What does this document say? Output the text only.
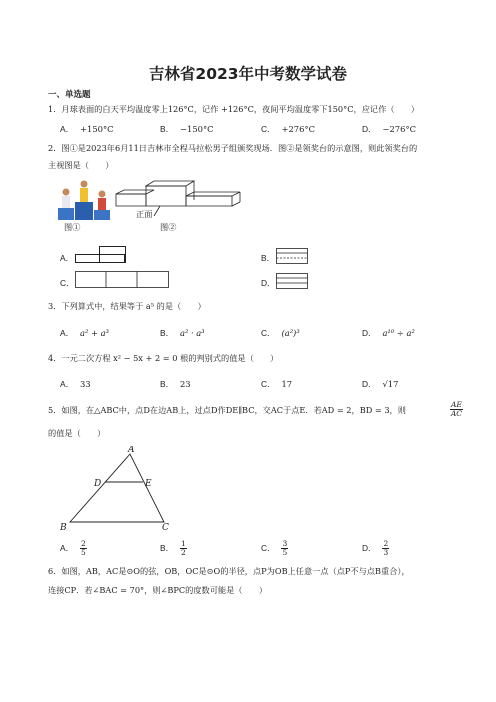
吉林省2023年中考数学试卷
一、单选题
1．月球表面的白天平均温度零上126°C，记作 +126°C，夜间平均温度零下150°C，应记作（　　）
A． +150°C	B． −150°C	C． +276°C	D． −276°C
2．图①是2023年6月11日吉林市全程马拉松男子组颁奖现场．图②是领奖台的示意图，则此领奖台的
主视图是（　　）
图①
正面
图②
A．	B．
C．	D．
3．下列算式中，结果等于 a⁵ 的是（　　）
A． a² + a³	B． a² · a³	C． (a²)³	D． a¹⁰ ÷ a²
4．一元二次方程 x² − 5x + 2 = 0 根的判别式的值是（　　）
A． 33	B． 23	C． 17	D． √17
5．如图，在△ABC中，点D在边AB上，过点D作DE∥BC，交AC于点E．若AD = 2，BD = 3，则	$\frac{AE}{AC}$
的值是（　　）
A
D	E
B	C
A． $\frac{2}{5}$	B． $\frac{1}{2}$	C． $\frac{3}{5}$	D． $\frac{2}{3}$
6．如图，AB，AC是⊙O的弦，OB，OC是⊙O的半径，点P为OB上任意一点（点P不与点B重合），
连接CP．若∠BAC = 70°，则∠BPC的度数可能是（　　）
